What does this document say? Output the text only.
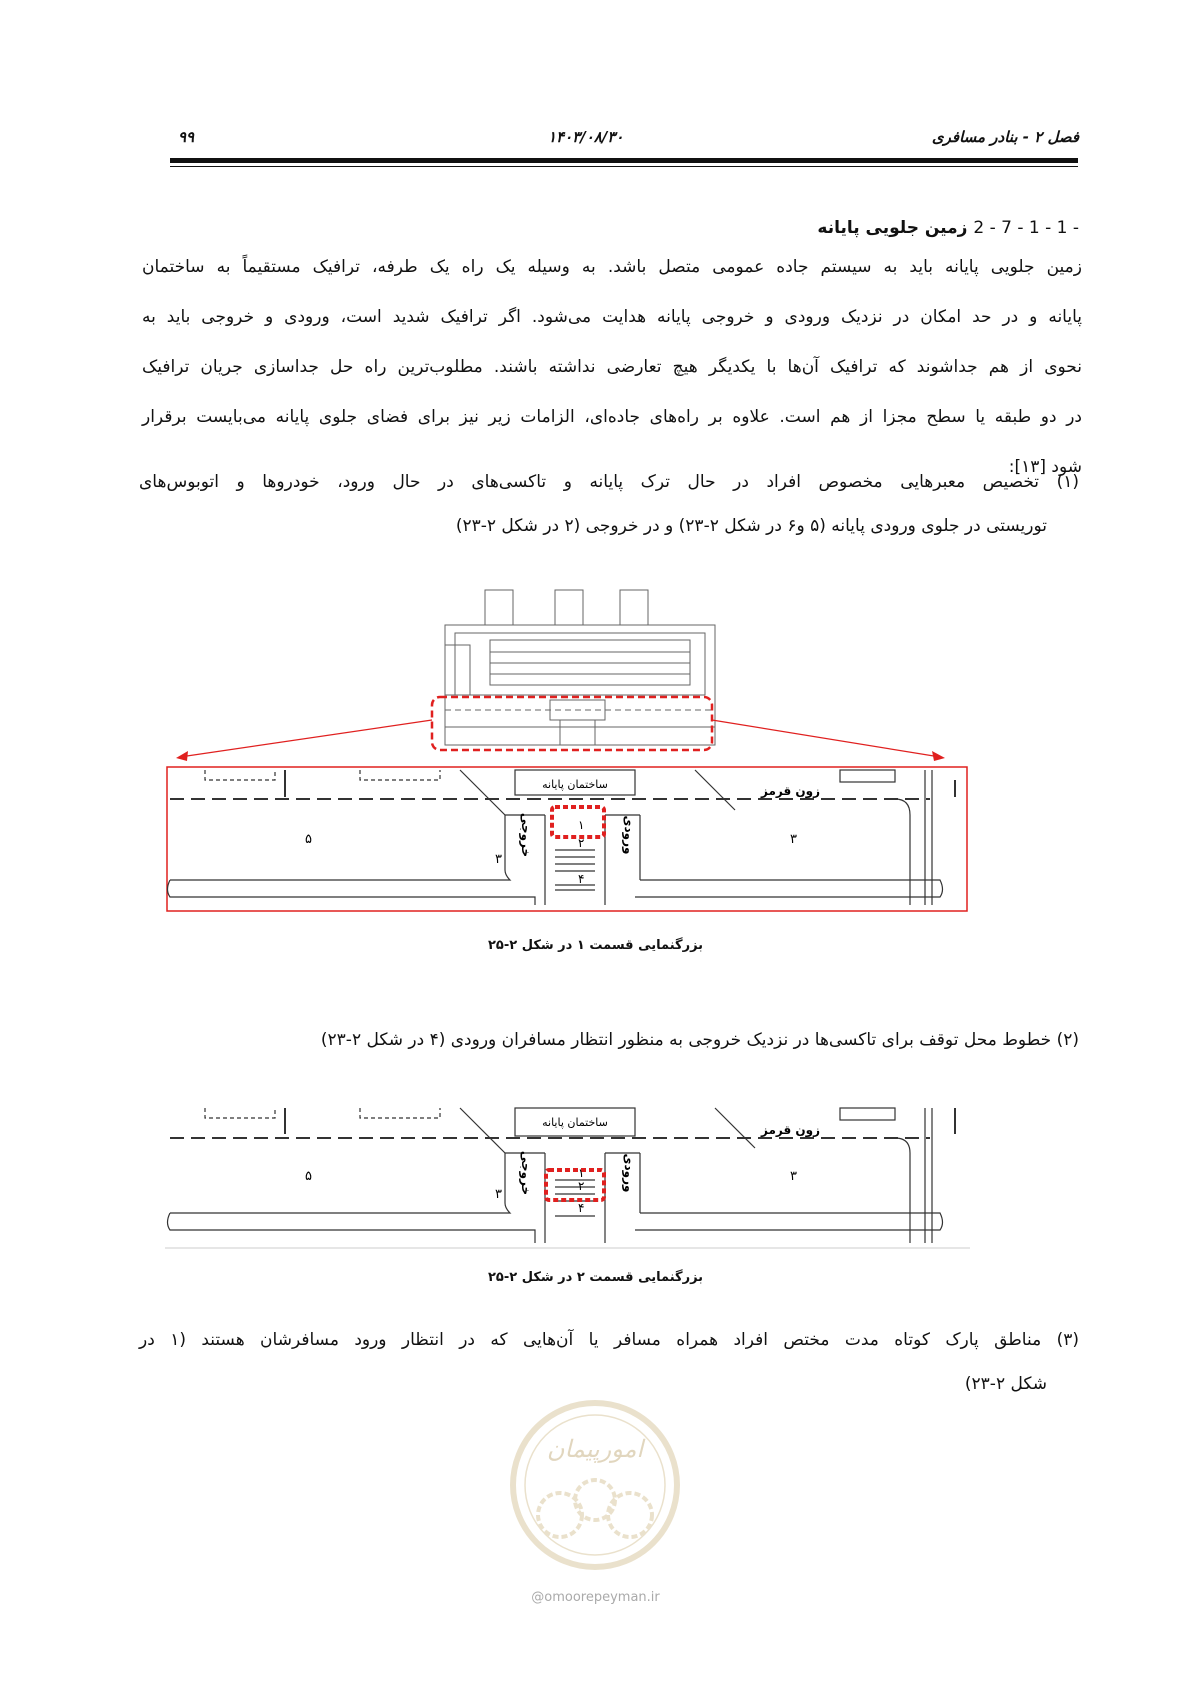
فصل ۲ - بنادر مسافری
۱۴۰۳/۰۸/۳۰
۹۹
2 - 7 - 1 - 1 - زمین جلویی پایانه
زمین جلویی پایانه باید به سیستم جاده عمومی متصل باشد. به وسیله یک راه یک طرفه، ترافیک مستقیماً به ساختمان
پایانه و در حد امکان در نزدیک ورودی و خروجی پایانه هدایت می‌شود. اگر ترافیک شدید است، ورودی و خروجی باید به
نحوی از هم جداشوند که ترافیک آن‌ها با یکدیگر هیچ تعارضی نداشته باشند. مطلوب‌ترین راه حل جداسازی جریان ترافیک
در دو طبقه یا سطح مجزا از هم است. علاوه بر راه‌های جاده‌ای، الزامات زیر نیز برای فضای جلوی پایانه می‌بایست برقرار
شود [۱۳]:
(۱) تخصیص معبرهایی مخصوص افراد در حال ترک پایانه و تاکسی‌های در حال ورود، خودروها و اتوبوس‌های
توریستی در جلوی ورودی پایانه (۵ و۶ در شکل ۲-۲۳) و در خروجی (۲ در شکل ۲-۲۳)
ساختمان پایانه	زون قرمز
خروجی	ورودی
۵	۳
۳
۱
۲
۴
بزرگنمایی قسمت ۱ در شکل ۲-۲۵
(۲) خطوط محل توقف برای تاکسی‌ها در نزدیک خروجی به منظور انتظار مسافران ورودی (۴ در شکل ۲-۲۳)
ساختمان پایانه
زون قرمز
خروجی	ورودی
۵	۳
۳
۱
۲
۴
بزرگنمایی قسمت ۲ در شکل ۲-۲۵
(۳) مناطق پارک کوتاه مدت مختص افراد همراه مسافر یا آن‌هایی که در انتظار ورود مسافرشان هستند (۱ در
شکل ۲-۲۳)
امورپیمان
@omoorepeyman.ir
